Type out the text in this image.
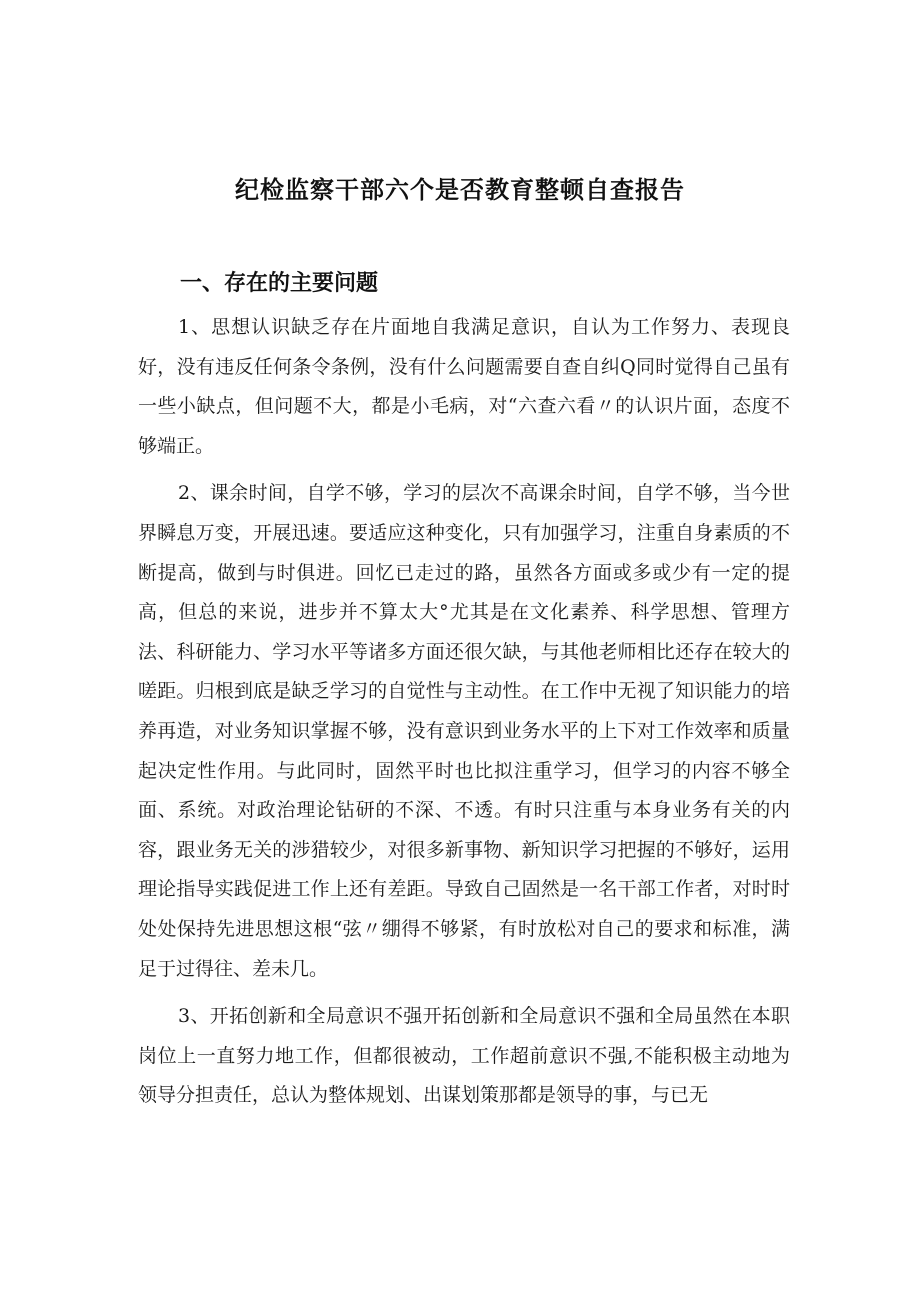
纪检监察干部六个是否教育整顿自查报告
一、存在的主要问题

1、思想认识缺乏存在片面地自我满足意识，自认为工作努力、表现良好，没有违反任何条令条例，没有什么问题需要自查自纠Q同时觉得自己虽有一些小缺点，但问题不大，都是小毛病，对“六查六看〃的认识片面，态度不够端正。

2、课余时间，自学不够，学习的层次不高课余时间，自学不够，当今世界瞬息万变，开展迅速。要适应这种变化，只有加强学习，注重自身素质的不断提高，做到与时俱进。回忆已走过的路，虽然各方面或多或少有一定的提高，但总的来说，进步并不算太大°尤其是在文化素养、科学思想、管理方法、科研能力、学习水平等诸多方面还很欠缺，与其他老师相比还存在较大的嗟距。归根到底是缺乏学习的自觉性与主动性。在工作中无视了知识能力的培养再造，对业务知识掌握不够，没有意识到业务水平的上下对工作效率和质量起决定性作用。与此同时，固然平时也比拟注重学习，但学习的内容不够全面、系统。对政治理论钻研的不深、不透。有时只注重与本身业务有关的内容，跟业务无关的涉猎较少，对很多新事物、新知识学习把握的不够好，运用理论指导实践促进工作上还有差距。导致自己固然是一名干部工作者，对时时处处保持先进思想这根“弦〃绷得不够紧，有时放松对自己的要求和标准，满足于过得往、差未几。

3、开拓创新和全局意识不强开拓创新和全局意识不强和全局虽然在本职岗位上一直努力地工作，但都很被动，工作超前意识不强,不能积极主动地为领导分担责任，总认为整体规划、出谋划策那都是领导的事，与已无
